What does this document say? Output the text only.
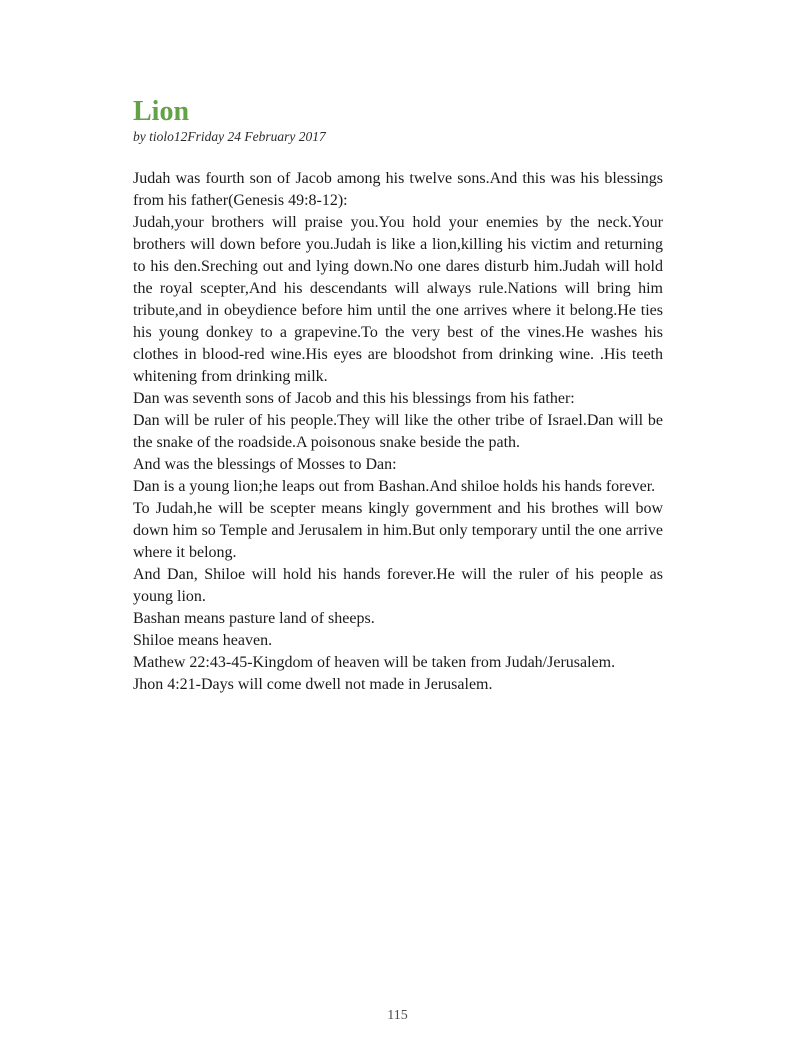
Lion
by tiolo12Friday 24 February 2017

Judah was fourth son of Jacob among his twelve sons.And this was his blessings from his father(Genesis 49:8-12):

Judah,your brothers will praise you.You hold your enemies by the neck.Your brothers will down before you.Judah is like a lion,killing his victim and returning to his den.Sreching out and lying down.No one dares disturb him.Judah will hold the royal scepter,And his descendants will always rule.Nations will bring him tribute,and in obeydience before him until the one arrives where it belong.He ties his young donkey to a grapevine.To the very best of the vines.He washes his clothes in blood-red wine.His eyes are bloodshot from drinking wine. .His teeth whitening from drinking milk.

Dan was seventh sons of Jacob and this his blessings from his father:

Dan will be ruler of his people.They will like the other tribe of Israel.Dan will be the snake of the roadside.A poisonous snake beside the path.

And was the blessings of Mosses to Dan:

Dan is a young lion;he leaps out from Bashan.And shiloe holds his hands forever.

To Judah,he will be scepter means kingly government and his brothes will bow down him so Temple and Jerusalem in him.But only temporary until the one arrive where it belong.

And Dan, Shiloe will hold his hands forever.He will the ruler of his people as young lion.

Bashan means pasture land of sheeps.

Shiloe means heaven.

Mathew 22:43-45-Kingdom of heaven will be taken from Judah/Jerusalem.

Jhon 4:21-Days will come dwell not made in Jerusalem.

115
